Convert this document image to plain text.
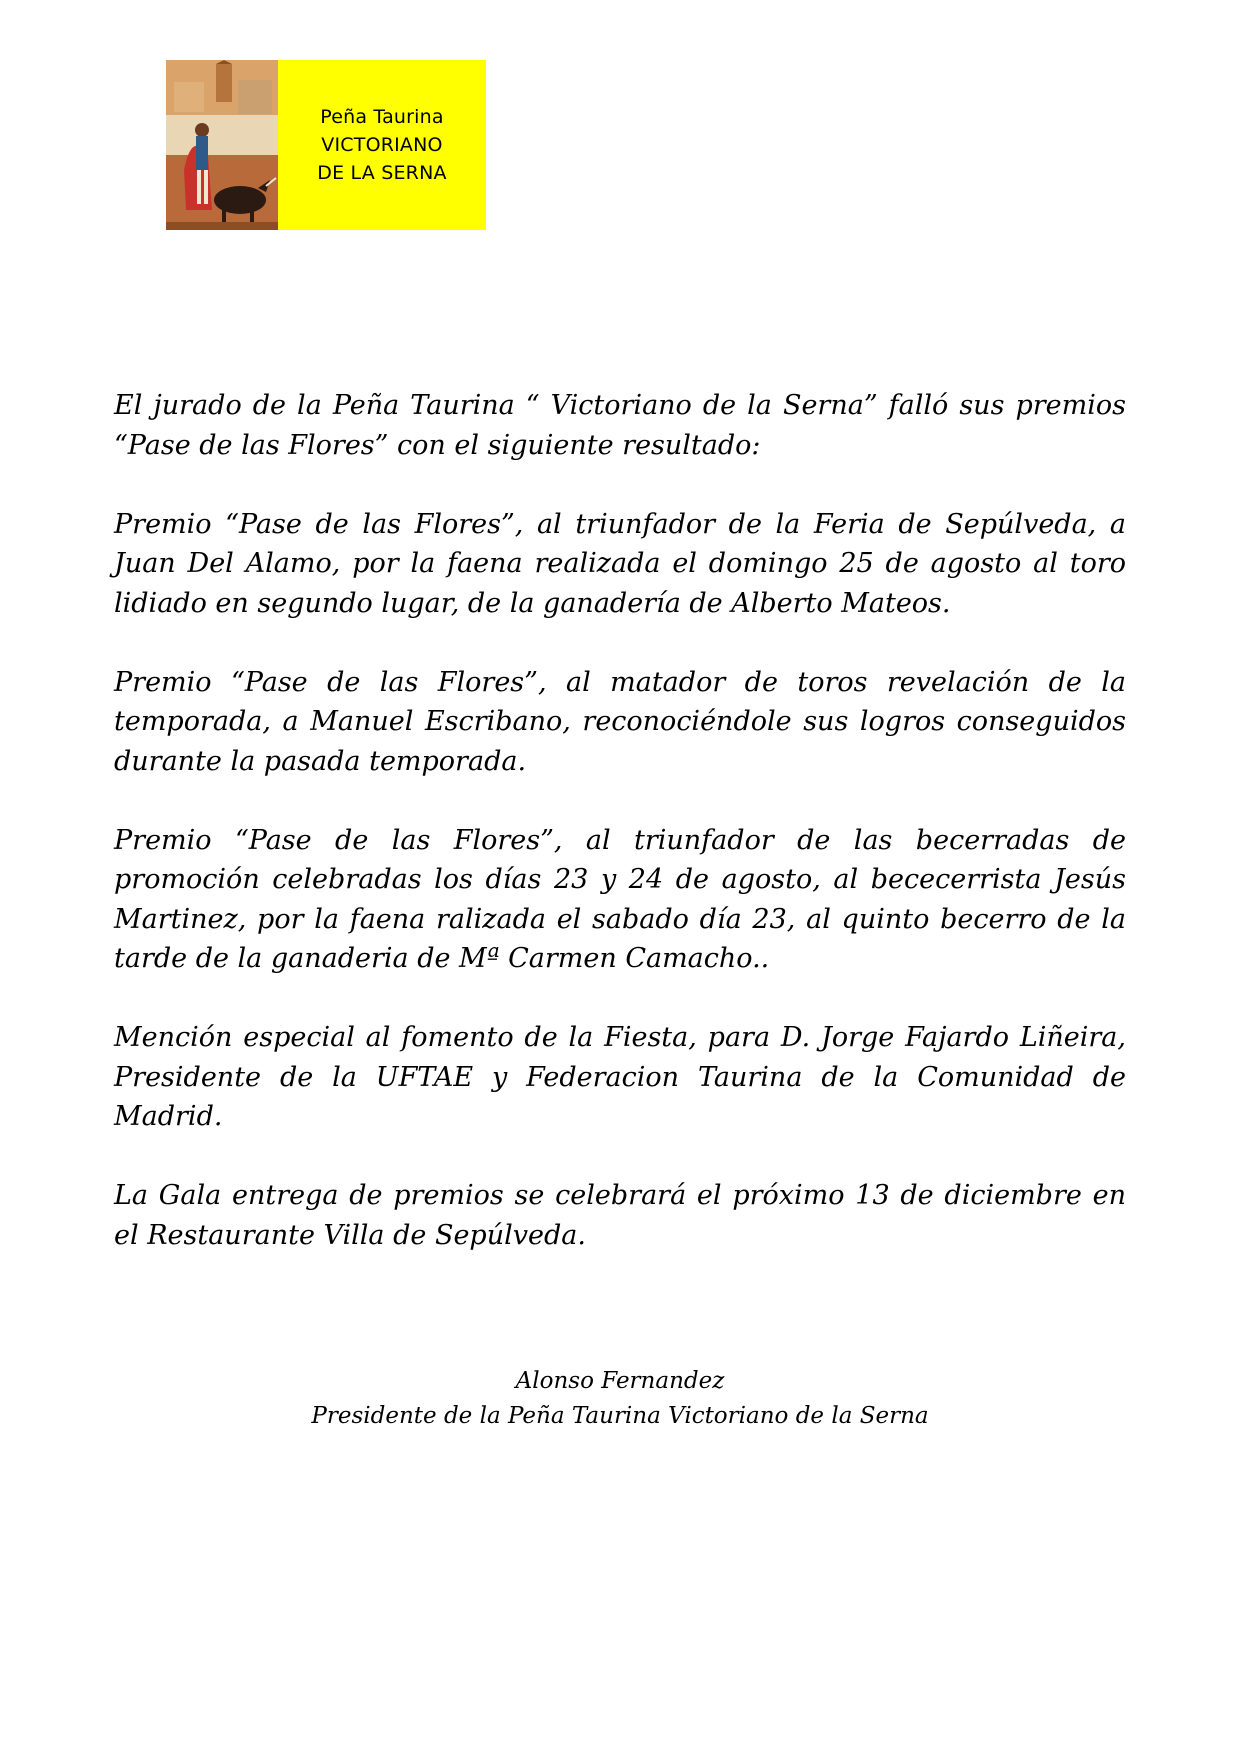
Peña Taurina
VICTORIANO
DE LA SERNA

El jurado de la Peña Taurina “ Victoriano de la Serna” falló sus premios “Pase de las Flores” con el siguiente resultado:

Premio “Pase de las Flores”, al triunfador de la Feria de Sepúlveda, a Juan Del Alamo, por la faena realizada el domingo 25 de agosto al toro lidiado en segundo lugar, de la ganadería de Alberto Mateos.

Premio “Pase de las Flores”, al matador de toros revelación de la temporada, a Manuel Escribano, reconociéndole sus logros conseguidos durante la pasada temporada.

Premio “Pase de las Flores”, al triunfador de las becerradas de promoción celebradas los días 23 y 24 de agosto, al bececerrista Jesús Martinez, por la faena ralizada el sabado día 23, al quinto becerro de la tarde de la ganaderia de Mª Carmen Camacho..

Mención especial al fomento de la Fiesta, para D. Jorge Fajardo Liñeira, Presidente de la UFTAE y Federacion Taurina de la Comunidad de Madrid.

La Gala entrega de premios se celebrará el próximo 13 de diciembre en el Restaurante Villa de Sepúlveda.

Alonso Fernandez
Presidente de la Peña Taurina Victoriano de la Serna
